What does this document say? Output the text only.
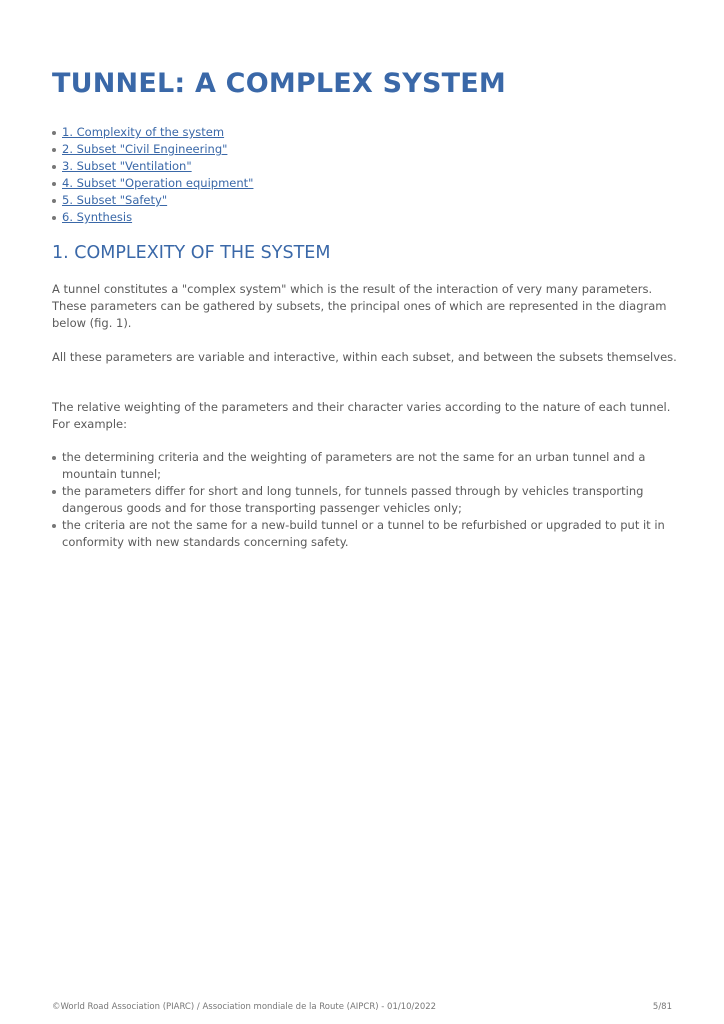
TUNNEL: A COMPLEX SYSTEM
1. Complexity of the system
2. Subset "Civil Engineering"
3. Subset "Ventilation"
4. Subset "Operation equipment"
5. Subset "Safety"
6. Synthesis
1. COMPLEXITY OF THE SYSTEM

A tunnel constitutes a "complex system" which is the result of the interaction of very many parameters. These parameters can be gathered by subsets, the principal ones of which are represented in the diagram below (fig. 1).

All these parameters are variable and interactive, within each subset, and between the subsets themselves.

The relative weighting of the parameters and their character varies according to the nature of each tunnel. For example:

the determining criteria and the weighting of parameters are not the same for an urban tunnel and a mountain tunnel;
the parameters differ for short and long tunnels, for tunnels passed through by vehicles transporting dangerous goods and for those transporting passenger vehicles only;
the criteria are not the same for a new-build tunnel or a tunnel to be refurbished or upgraded to put it in conformity with new standards concerning safety.
©World Road Association (PIARC) / Association mondiale de la Route (AIPCR) - 01/10/2022	5/81
